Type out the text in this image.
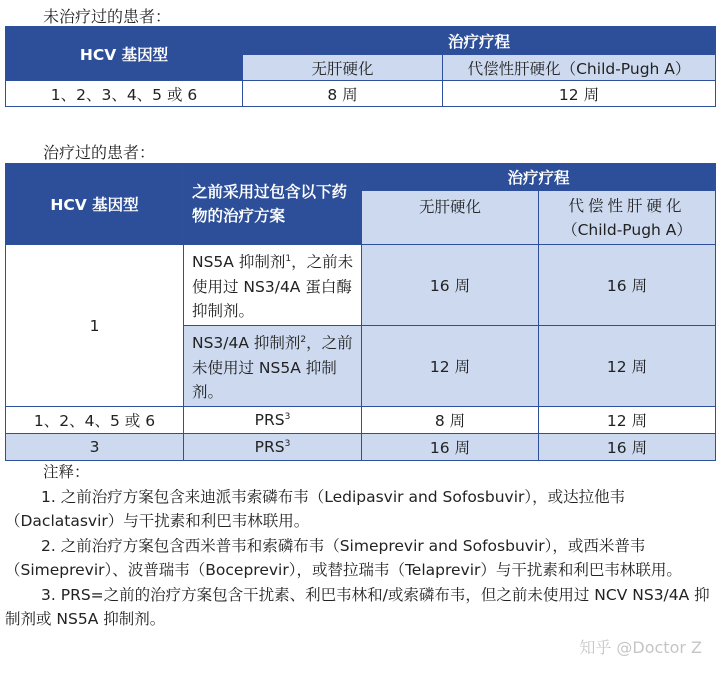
未治疗过的患者：
HCV 基因型	治疗疗程	
	无肝硬化	代偿性肝硬化（Child-Pugh A）
1、2、3、4、5 或 6	8 周	12 周
治疗过的患者：
HCV 基因型	之前采用过包含以下药物的治疗方案	治疗疗程	
		无肝硬化	代偿性肝硬化
（Child-Pugh A）

1	NS5A 抑制剂$^1$，之前未使用过 NS3/4A 蛋白酶抑制剂。	16 周	16 周
	NS3/4A 抑制剂$^2$，之前未使用过 NS5A 抑制剂。	12 周	12 周
1、2、4、5 或 6	PRS$^3$	8 周	12 周
3	PRS$^3$	16 周	16 周

注释：

1. 之前治疗方案包含来迪派韦索磷布韦（Ledipasvir and Sofosbuvir），或达拉他韦（Daclatasvir）与干扰素和利巴韦林联用。

2. 之前治疗方案包含西米普韦和索磷布韦（Simeprevir and Sofosbuvir），或西米普韦（Simeprevir）、波普瑞韦（Boceprevir），或替拉瑞韦（Telaprevir）与干扰素和利巴韦林联用。

3. PRS=之前的治疗方案包含干扰素、利巴韦林和/或索磷布韦，但之前未使用过 NCV NS3/4A 抑制剂或 NS5A 抑制剂。

知乎 @Doctor Z
